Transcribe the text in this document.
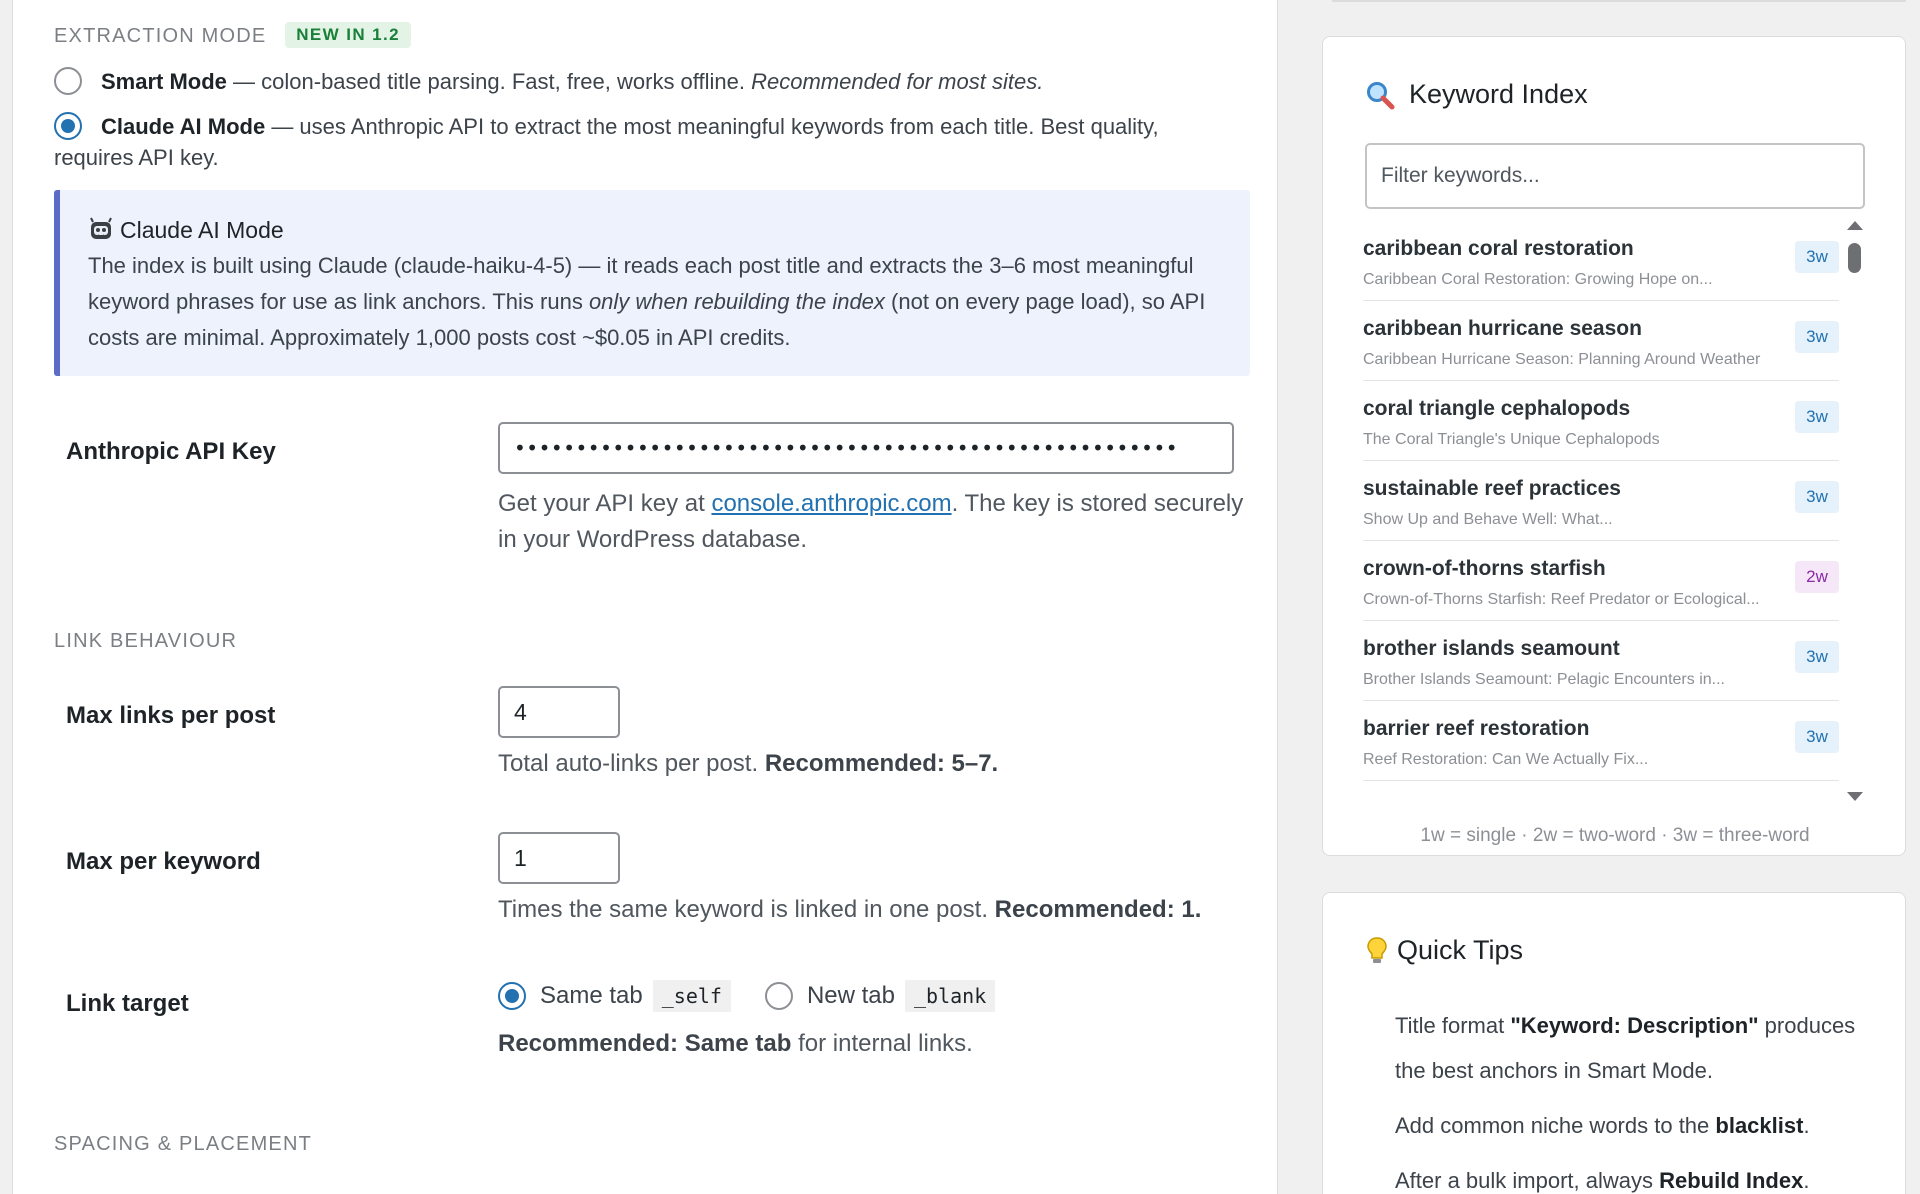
EXTRACTION MODE NEW IN 1.2
Smart Mode — colon-based title parsing. Fast, free, works offline. Recommended for most sites.
Claude AI Mode — uses Anthropic API to extract the most meaningful keywords from each title. Best quality,
requires API key.
Claude AI Mode
The index is built using Claude (claude-haiku-4-5) — it reads each post title and extracts the 3–6 most meaningful keyword phrases for use as link anchors. This runs only when rebuilding the index (not on every page load), so API costs are minimal. Approximately 1,000 posts cost ~$0.05 in API credits.
Anthropic API Key	••••••••••••••••••••••••••••••••••••••••••••••••••••••
Get your API key at console.anthropic.com. The key is stored securely
in your WordPress database.
LINK BEHAVIOUR
Max links per post	4
Total auto-links per post. Recommended: 5–7.
Max per keyword	1
Times the same keyword is linked in one post. Recommended: 1.
Link target	Same tab _self	New tab _blank
Recommended: Same tab for internal links.
SPACING & PLACEMENT
Keyword Index
Filter keywords...
caribbean coral restoration
Caribbean Coral Restoration: Growing Hope on...
3w
caribbean hurricane season
Caribbean Hurricane Season: Planning Around Weather
3w
coral triangle cephalopods
The Coral Triangle's Unique Cephalopods
3w
sustainable reef practices
Show Up and Behave Well: What...
3w
crown-of-thorns starfish
Crown-of-Thorns Starfish: Reef Predator or Ecological...
2w
brother islands seamount
Brother Islands Seamount: Pelagic Encounters in...
3w
barrier reef restoration
Reef Restoration: Can We Actually Fix...
3w
1w = single · 2w = two-word · 3w = three-word
Quick Tips

Title format "Keyword: Description" produces the best anchors in Smart Mode.

Add common niche words to the blacklist.

After a bulk import, always Rebuild Index.
